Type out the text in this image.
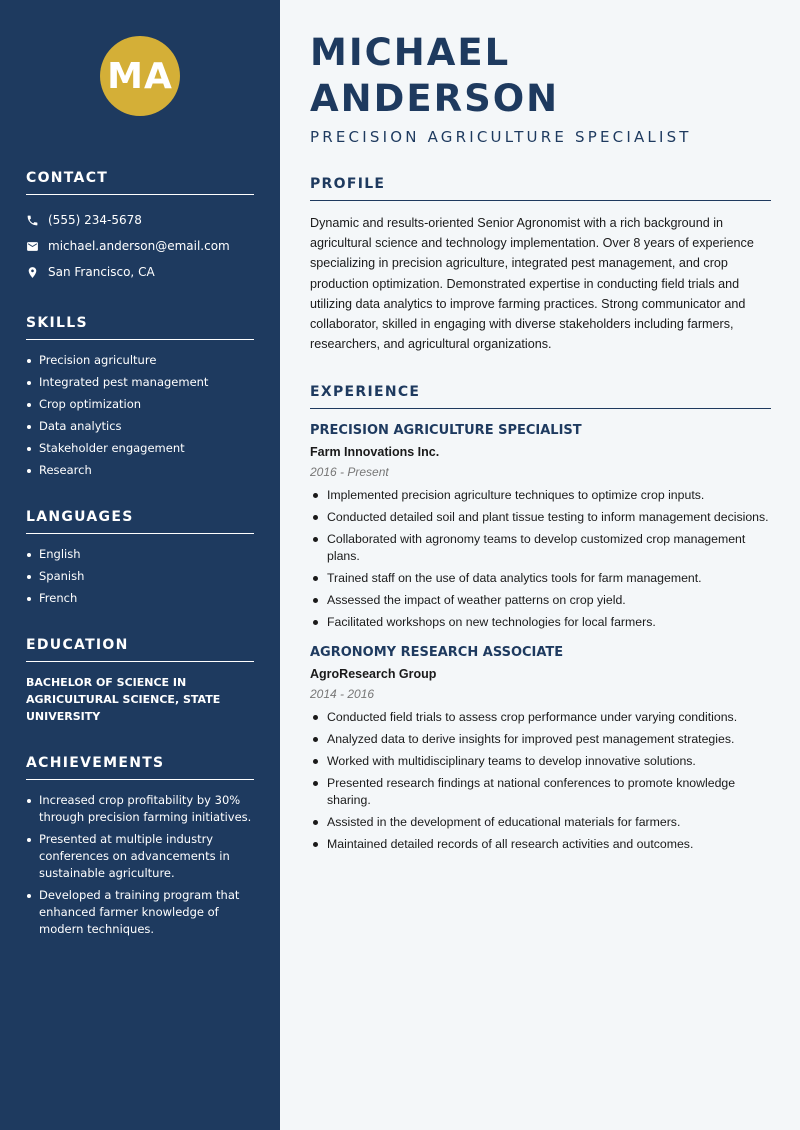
MA
CONTACT
(555) 234-5678
michael.anderson@email.com
San Francisco, CA
SKILLS
Precision agriculture
Integrated pest management
Crop optimization
Data analytics
Stakeholder engagement
Research
LANGUAGES
English
Spanish
French
EDUCATION
BACHELOR OF SCIENCE IN AGRICULTURAL SCIENCE, STATE UNIVERSITY
ACHIEVEMENTS
Increased crop profitability by 30% through precision farming initiatives.
Presented at multiple industry conferences on advancements in sustainable agriculture.
Developed a training program that enhanced farmer knowledge of modern techniques.
MICHAEL ANDERSON
PRECISION AGRICULTURE SPECIALIST
PROFILE

Dynamic and results-oriented Senior Agronomist with a rich background in agricultural science and technology implementation. Over 8 years of experience specializing in precision agriculture, integrated pest management, and crop production optimization. Demonstrated expertise in conducting field trials and utilizing data analytics to improve farming practices. Strong communicator and collaborator, skilled in engaging with diverse stakeholders including farmers, researchers, and agricultural organizations.

EXPERIENCE
PRECISION AGRICULTURE SPECIALIST
Farm Innovations Inc.
2016 - Present
Implemented precision agriculture techniques to optimize crop inputs.
Conducted detailed soil and plant tissue testing to inform management decisions.
Collaborated with agronomy teams to develop customized crop management plans.
Trained staff on the use of data analytics tools for farm management.
Assessed the impact of weather patterns on crop yield.
Facilitated workshops on new technologies for local farmers.
AGRONOMY RESEARCH ASSOCIATE
AgroResearch Group
2014 - 2016
Conducted field trials to assess crop performance under varying conditions.
Analyzed data to derive insights for improved pest management strategies.
Worked with multidisciplinary teams to develop innovative solutions.
Presented research findings at national conferences to promote knowledge sharing.
Assisted in the development of educational materials for farmers.
Maintained detailed records of all research activities and outcomes.
